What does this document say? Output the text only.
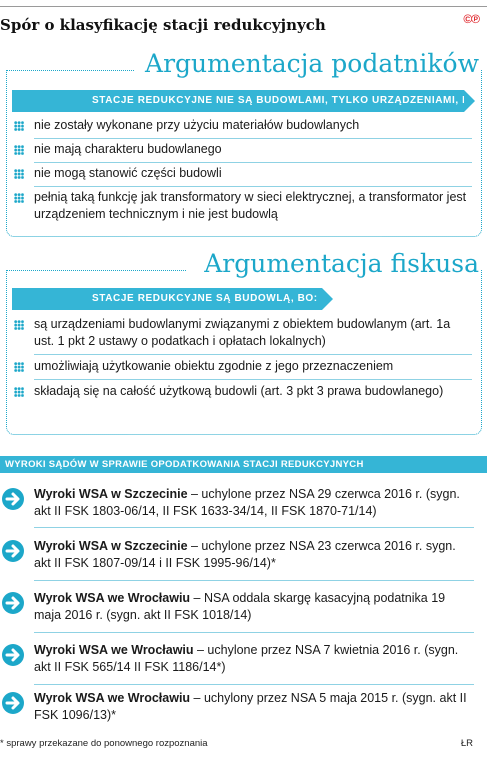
Spór o klasyfikację stacji redukcyjnych	©℗
Argumentacja podatników
STACJE REDUKCYJNE NIE SĄ BUDOWLAMI, TYLKO URZĄDZENIAMI, BO:
nie zostały wykonane przy użyciu materiałów budowlanych
nie mają charakteru budowlanego
nie mogą stanowić części budowli
pełnią taką funkcję jak transformatory w sieci elektrycznej, a transformator jest urządzeniem technicznym i nie jest budowlą
Argumentacja fiskusa
STACJE REDUKCYJNE SĄ BUDOWLĄ, BO:
są urządzeniami budowlanymi związanymi z obiektem budowlanym (art. 1a ust. 1 pkt 2 ustawy o podatkach i opłatach lokalnych)
umożliwiają użytkowanie obiektu zgodnie z jego przeznaczeniem
składają się na całość użytkową budowli (art. 3 pkt 3 prawa budowlanego)
WYROKI SĄDÓW W SPRAWIE OPODATKOWANIA STACJI REDUKCYJNYCH
Wyroki WSA w Szczecinie – uchylone przez NSA 29 czerwca 2016 r. (sygn. akt II FSK 1803-06/14, II FSK 1633-34/14, II FSK 1870-71/14)
Wyroki WSA w Szczecinie – uchylone przez NSA 23 czerwca 2016 r. sygn. akt II FSK 1807-09/14 i II FSK 1995-96/14)*
Wyrok WSA we Wrocławiu – NSA oddala skargę kasacyjną podatnika 19 maja 2016 r. (sygn. akt II FSK 1018/14)
Wyroki WSA we Wrocławiu – uchylone przez NSA 7 kwietnia 2016 r. (sygn. akt II FSK 565/14 II FSK 1186/14*)
Wyrok WSA we Wrocławiu – uchylony przez NSA 5 maja 2015 r. (sygn. akt II FSK 1096/13)*
* sprawy przekazane do ponownego rozpoznania	ŁR
